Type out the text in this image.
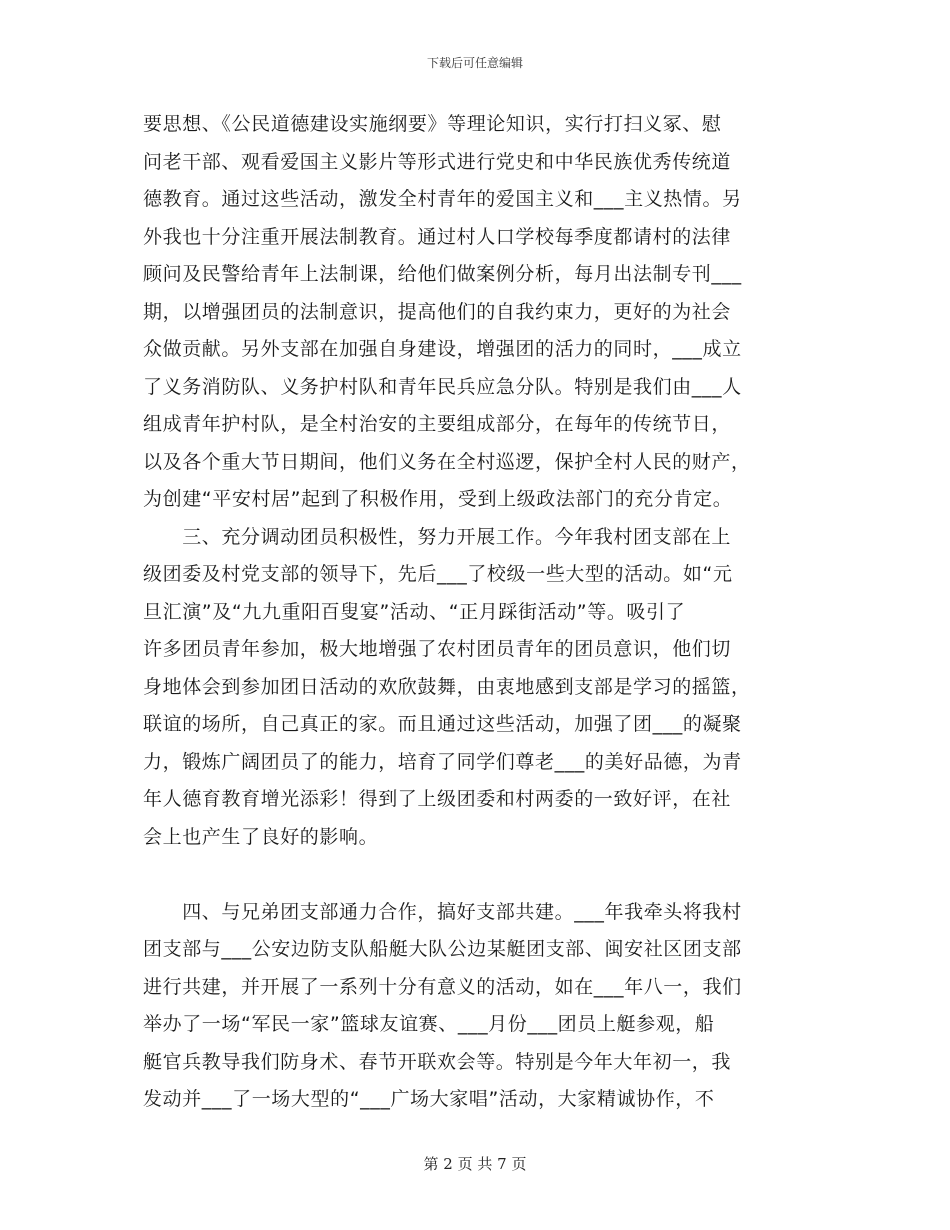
下载后可任意编辑
要思想、《公民道德建设实施纲要》等理论知识，实行打扫义冢、慰
问老干部、观看爱国主义影片等形式进行党史和中华民族优秀传统道
德教育。通过这些活动，激发全村青年的爱国主义和___主义热情。另
外我也十分注重开展法制教育。通过村人口学校每季度都请村的法律
顾问及民警给青年上法制课，给他们做案例分析，每月出法制专刊___
期，以增强团员的法制意识，提高他们的自我约束力，更好的为社会
众做贡献。另外支部在加强自身建设，增强团的活力的同时，___成立
了义务消防队、义务护村队和青年民兵应急分队。特别是我们由___人
组成青年护村队，是全村治安的主要组成部分，在每年的传统节日，
以及各个重大节日期间，他们义务在全村巡逻，保护全村人民的财产，
为创建“平安村居”起到了积极作用，受到上级政法部门的充分肯定。
　　三、充分调动团员积极性，努力开展工作。今年我村团支部在上
级团委及村党支部的领导下，先后___了校级一些大型的活动。如“元
旦汇演”及“九九重阳百叟宴”活动、“正月踩街活动”等。吸引了
许多团员青年参加，极大地增强了农村团员青年的团员意识，他们切
身地体会到参加团日活动的欢欣鼓舞，由衷地感到支部是学习的摇篮，
联谊的场所，自己真正的家。而且通过这些活动，加强了团___的凝聚
力，锻炼广阔团员了的能力，培育了同学们尊老___的美好品德，为青
年人德育教育增光添彩！得到了上级团委和村两委的一致好评，在社
会上也产生了良好的影响。
　　四、与兄弟团支部通力合作，搞好支部共建。___年我牵头将我村
团支部与___公安边防支队船艇大队公边某艇团支部、闽安社区团支部
进行共建，并开展了一系列十分有意义的活动，如在___年八一，我们
举办了一场“军民一家”篮球友谊赛、___月份___团员上艇参观，船
艇官兵教导我们防身术、春节开联欢会等。特别是今年大年初一，我
发动并___了一场大型的“___广场大家唱”活动，大家精诚协作，不
第 2 页 共 7 页
